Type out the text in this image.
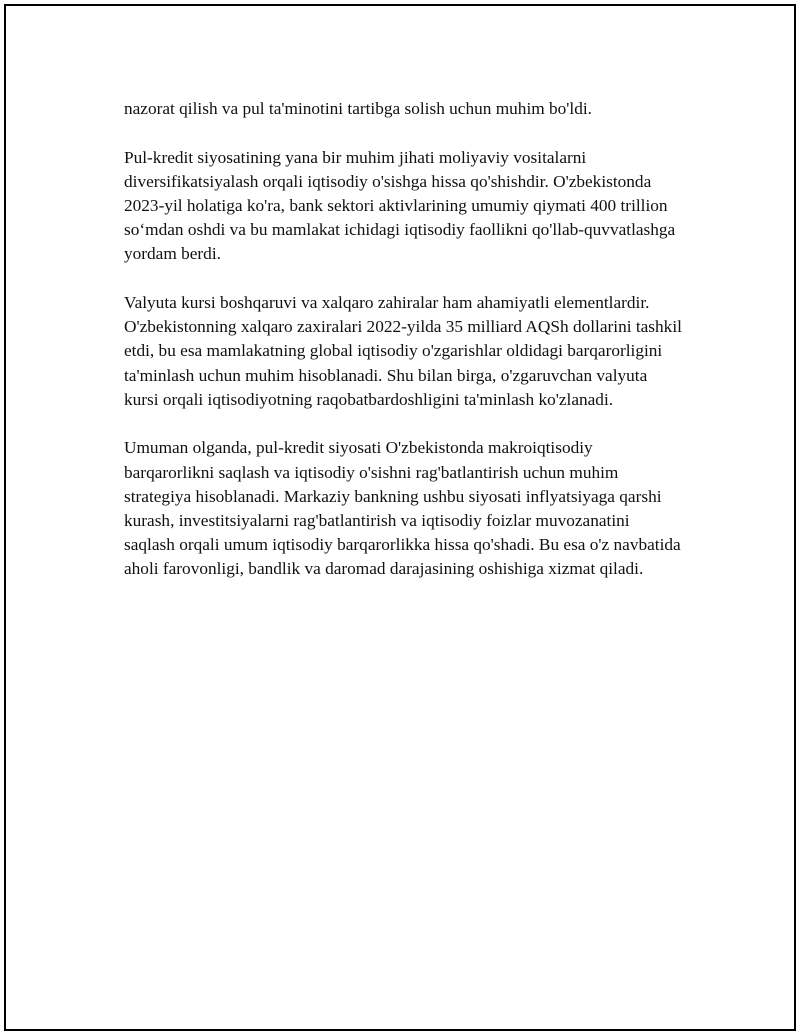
nazorat qilish va pul ta'minotini tartibga solish uchun muhim bo'ldi.

Pul-kredit siyosatining yana bir muhim jihati moliyaviy vositalarni diversifikatsiyalash orqali iqtisodiy o'sishga hissa qo'shishdir. O'zbekistonda 2023-yil holatiga ko'ra, bank sektori aktivlarining umumiy qiymati 400 trillion so‘mdan oshdi va bu mamlakat ichidagi iqtisodiy faollikni qo'llab-quvvatlashga yordam berdi.

Valyuta kursi boshqaruvi va xalqaro zahiralar ham ahamiyatli elementlardir. O'zbekistonning xalqaro zaxiralari 2022-yilda 35 milliard AQSh dollarini tashkil etdi, bu esa mamlakatning global iqtisodiy o'zgarishlar oldidagi barqarorligini ta'minlash uchun muhim hisoblanadi. Shu bilan birga, o'zgaruvchan valyuta kursi orqali iqtisodiyotning raqobatbardoshligini ta'minlash ko'zlanadi.

Umuman olganda, pul-kredit siyosati O'zbekistonda makroiqtisodiy barqarorlikni saqlash va iqtisodiy o'sishni rag'batlantirish uchun muhim strategiya hisoblanadi. Markaziy bankning ushbu siyosati inflyatsiyaga qarshi kurash, investitsiyalarni rag'batlantirish va iqtisodiy foizlar muvozanatini saqlash orqali umum iqtisodiy barqarorlikka hissa qo'shadi. Bu esa o'z navbatida aholi farovonligi, bandlik va daromad darajasining oshishiga xizmat qiladi.
